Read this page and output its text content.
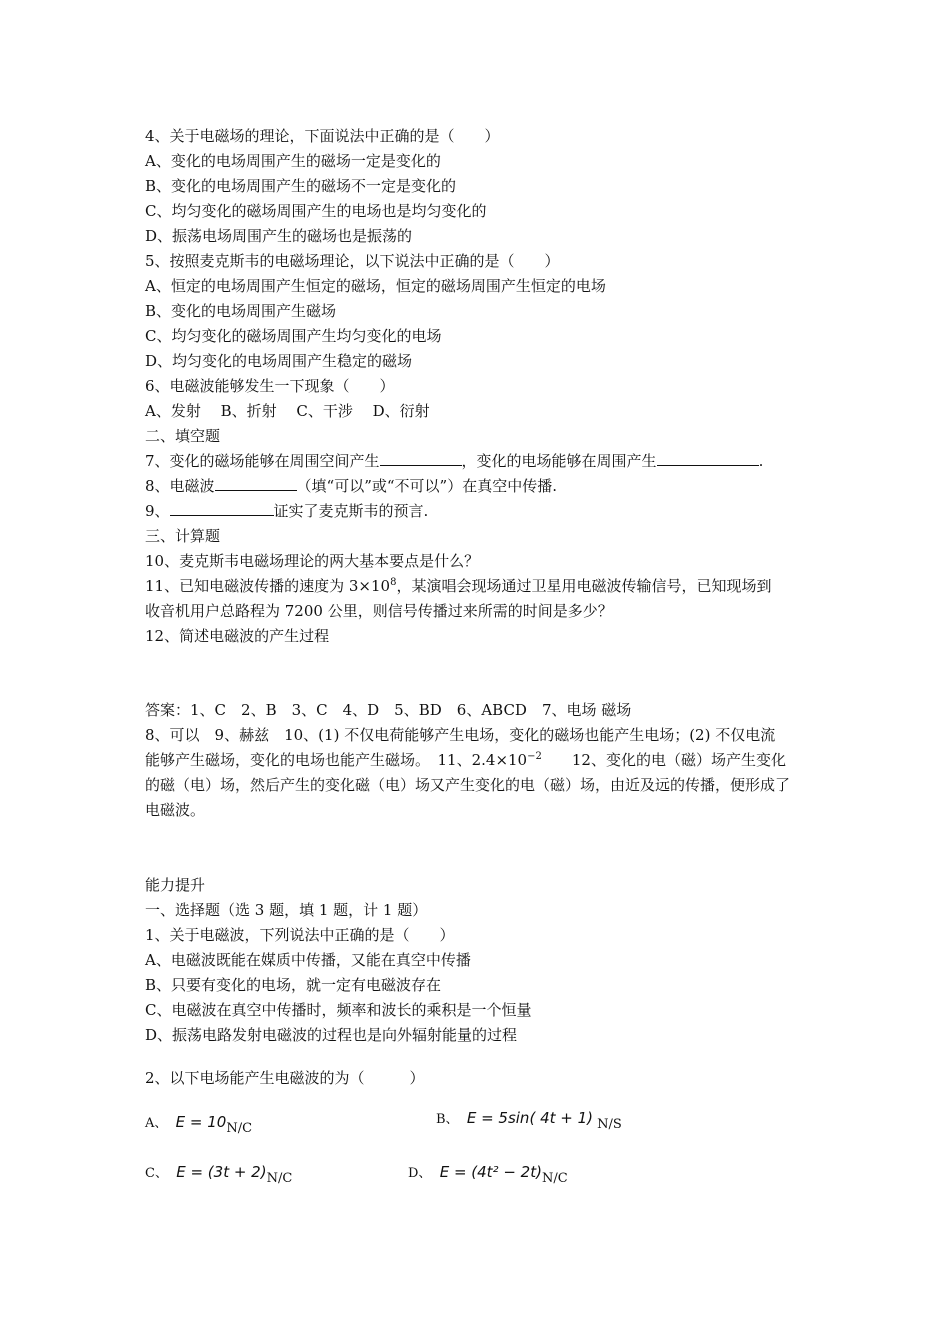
4、关于电磁场的理论，下面说法中正确的是（　　）
A、变化的电场周围产生的磁场一定是变化的
B、变化的电场周围产生的磁场不一定是变化的
C、均匀变化的磁场周围产生的电场也是均匀变化的
D、振荡电场周围产生的磁场也是振荡的
5、按照麦克斯韦的电磁场理论，以下说法中正确的是（　　）
A、恒定的电场周围产生恒定的磁场，恒定的磁场周围产生恒定的电场
B、变化的电场周围产生磁场
C、均匀变化的磁场周围产生均匀变化的电场
D、均匀变化的电场周围产生稳定的磁场
6、电磁波能够发生一下现象（　　）
A、发射　 B、折射　 C、干涉　 D、衍射
二、填空题
7、变化的磁场能够在周围空间产生	，变化的电场能够在周围产生	.
8、电磁波	（填“可以”或“不可以”）在真空中传播.
9、	证实了麦克斯韦的预言.
三、计算题
10、麦克斯韦电磁场理论的两大基本要点是什么？
11、已知电磁波传播的速度为 $3\times 10^8$，某演唱会现场通过卫星用电磁波传输信号，已知现场到
收音机用户总路程为 7200 公里，则信号传播过来所需的时间是多少？
12、简述电磁波的产生过程
答案：1、C　2、B　3、C　4、D　5、BD　6、ABCD　7、电场 磁场
8、可以　9、赫兹　10、(1) 不仅电荷能够产生电场，变化的磁场也能产生电场；(2) 不仅电流
能够产生磁场，变化的电场也能产生磁场。　11、$2.4\times 10^{-2}$　　12、变化的电（磁）场产生变化
的磁（电）场，然后产生的变化磁（电）场又产生变化的电（磁）场，由近及远的传播，便形成了
电磁波。
能力提升
一、选择题（选 3 题，填 1 题，计 1 题）
1、关于电磁波，下列说法中正确的是（　　）
A、电磁波既能在媒质中传播，又能在真空中传播
B、只要有变化的电场，就一定有电磁波存在
C、电磁波在真空中传播时，频率和波长的乘积是一个恒量
D、振荡电路发射电磁波的过程也是向外辐射能量的过程
2、以下电场能产生电磁波的为（　　　）
A、 E = 10N/C
B、 E = 5sin( 4t + 1) N/S
C、 E = (3t + 2)N/C	D、 E = (4t² − 2t)N/C
